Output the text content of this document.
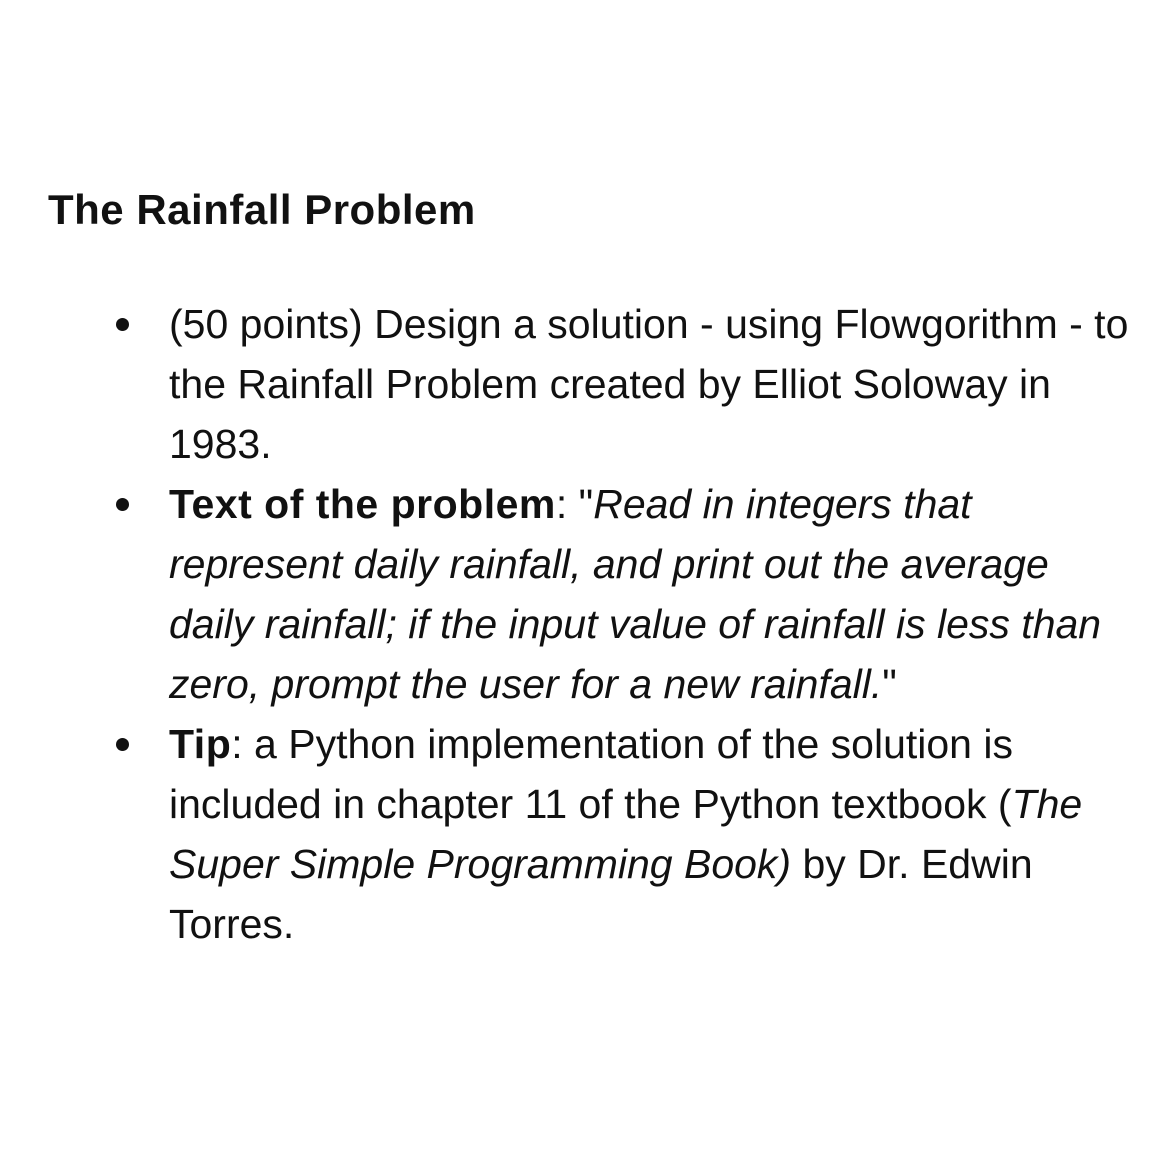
The Rainfall Problem
(50 points) Design a solution - using Flowgorithm - to the Rainfall Problem created by Elliot Soloway in 1983.
Text of the problem: "Read in integers that represent daily rainfall, and print out the average daily rainfall; if the input value of rainfall is less than zero, prompt the user for a new rainfall."
Tip: a Python implementation of the solution is included in chapter 11 of the Python textbook (The Super Simple Programming Book) by Dr. Edwin Torres.
